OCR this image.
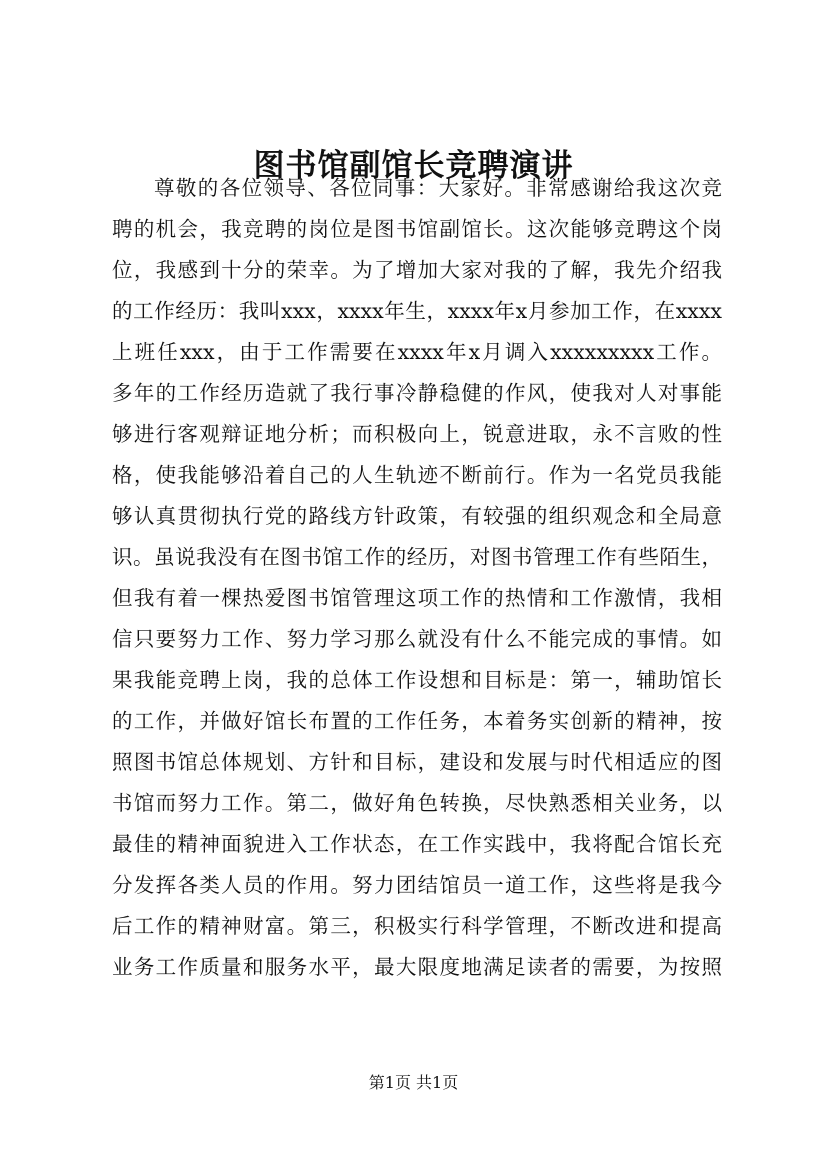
图书馆副馆长竞聘演讲
尊敬的各位领导、各位同事：大家好。非常感谢给我这次竞
聘的机会，我竞聘的岗位是图书馆副馆长。这次能够竞聘这个岗
位，我感到十分的荣幸。为了增加大家对我的了解，我先介绍我
的工作经历：我叫xxx，xxxx年生，xxxx年x月参加工作，在xxxx
上班任xxx，由于工作需要在xxxx年x月调入xxxxxxxxx工作。
多年的工作经历造就了我行事冷静稳健的作风，使我对人对事能
够进行客观辩证地分析；而积极向上，锐意进取，永不言败的性
格，使我能够沿着自己的人生轨迹不断前行。作为一名党员我能
够认真贯彻执行党的路线方针政策，有较强的组织观念和全局意
识。虽说我没有在图书馆工作的经历，对图书管理工作有些陌生，
但我有着一棵热爱图书馆管理这项工作的热情和工作激情，我相
信只要努力工作、努力学习那么就没有什么不能完成的事情。如
果我能竞聘上岗，我的总体工作设想和目标是：第一，辅助馆长
的工作，并做好馆长布置的工作任务，本着务实创新的精神，按
照图书馆总体规划、方针和目标，建设和发展与时代相适应的图
书馆而努力工作。第二，做好角色转换，尽快熟悉相关业务，以
最佳的精神面貌进入工作状态，在工作实践中，我将配合馆长充
分发挥各类人员的作用。努力团结馆员一道工作，这些将是我今
后工作的精神财富。第三，积极实行科学管理，不断改进和提高
业务工作质量和服务水平，最大限度地满足读者的需要，为按照
第1页 共1页
